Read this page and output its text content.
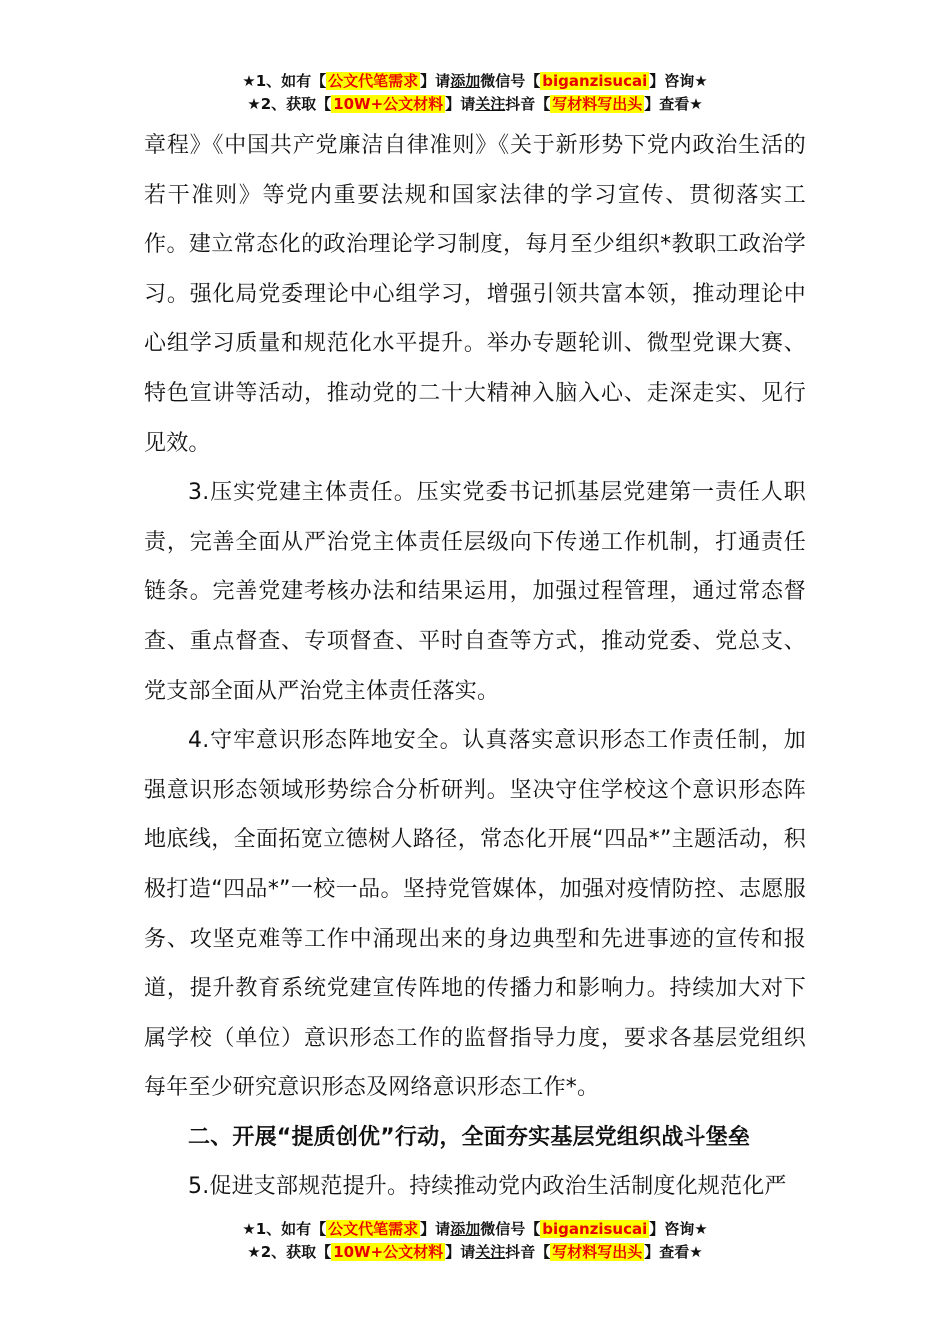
★1、如有【 公文代笔需求 】请添加微信号【 biganzisucai 】咨询★
★2、获取【 10W+公文材料 】请关注抖音【 写材料写出头 】查看★

章程》《中国共产党廉洁自律准则》《关于新形势下党内政治生活的若干准则》等党内重要法规和国家法律的学习宣传、贯彻落实工作。建立常态化的政治理论学习制度，每月至少组织*教职工政治学习。强化局党委理论中心组学习，增强引领共富本领，推动理论中心组学习质量和规范化水平提升。举办专题轮训、微型党课大赛、特色宣讲等活动，推动党的二十大精神入脑入心、走深走实、见行见效。

3.压实党建主体责任。压实党委书记抓基层党建第一责任人职责，完善全面从严治党主体责任层级向下传递工作机制，打通责任链条。完善党建考核办法和结果运用，加强过程管理，通过常态督查、重点督查、专项督查、平时自查等方式，推动党委、党总支、党支部全面从严治党主体责任落实。

4.守牢意识形态阵地安全。认真落实意识形态工作责任制，加强意识形态领域形势综合分析研判。坚决守住学校这个意识形态阵地底线，全面拓宽立德树人路径，常态化开展“四品*”主题活动，积极打造“四品*”一校一品。坚持党管媒体，加强对疫情防控、志愿服务、攻坚克难等工作中涌现出来的身边典型和先进事迹的宣传和报道，提升教育系统党建宣传阵地的传播力和影响力。持续加大对下属学校（单位）意识形态工作的监督指导力度，要求各基层党组织每年至少研究意识形态及网络意识形态工作*。

二、开展“提质创优”行动，全面夯实基层党组织战斗堡垒

5.促进支部规范提升。持续推动党内政治生活制度化规范化严

★1、如有【 公文代笔需求 】请添加微信号【 biganzisucai 】咨询★
★2、获取【 10W+公文材料 】请关注抖音【 写材料写出头 】查看★
